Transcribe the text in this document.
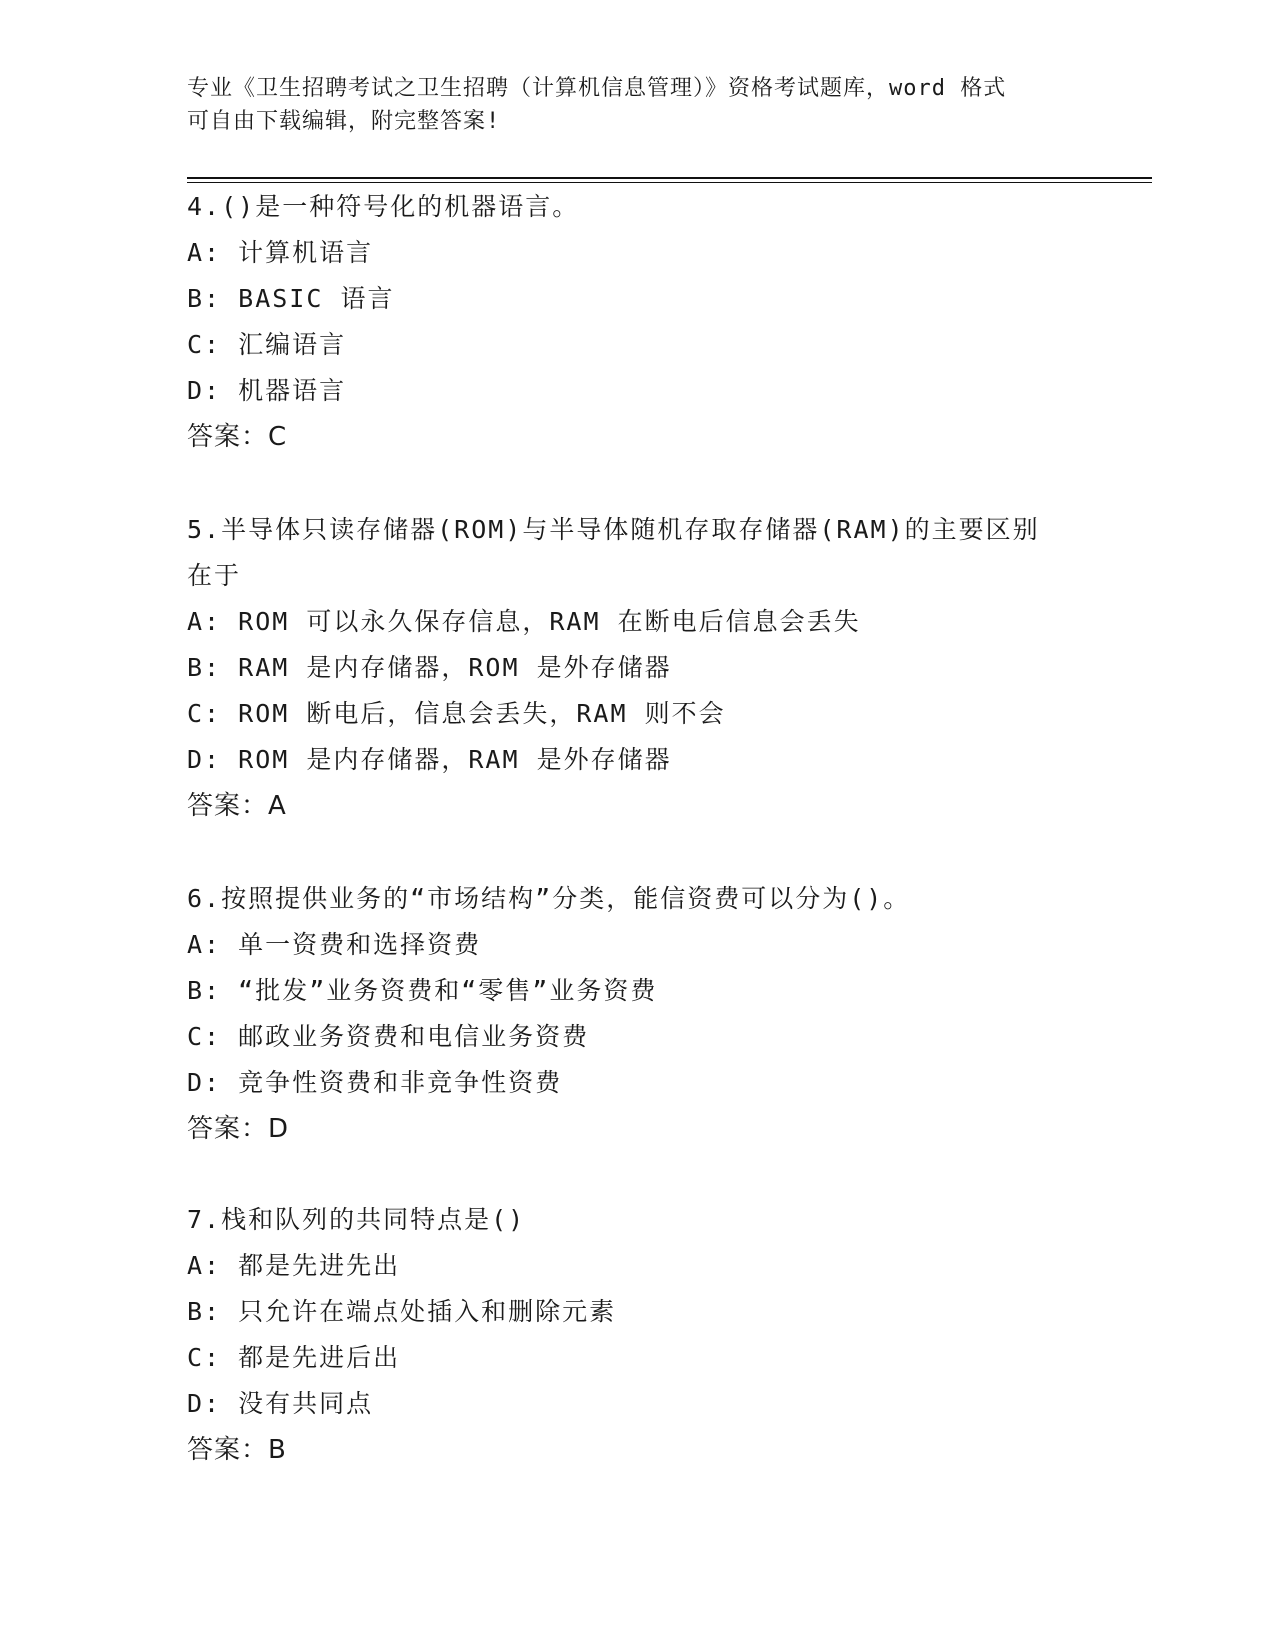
专业《卫生招聘考试之卫生招聘（计算机信息管理）》资格考试题库，word 格式
可自由下载编辑，附完整答案!
4.()是一种符号化的机器语言。
A: 计算机语言
B: BASIC 语言
C: 汇编语言
D: 机器语言
答案：C
5.半导体只读存储器(ROM)与半导体随机存取存储器(RAM)的主要区别在于
A: ROM 可以永久保存信息，RAM 在断电后信息会丢失
B: RAM 是内存储器，ROM 是外存储器
C: ROM 断电后，信息会丢失，RAM 则不会
D: ROM 是内存储器，RAM 是外存储器
答案：A
6.按照提供业务的“市场结构”分类，能信资费可以分为()。
A: 单一资费和选择资费
B: “批发”业务资费和“零售”业务资费
C: 邮政业务资费和电信业务资费
D: 竞争性资费和非竞争性资费
答案：D
7.栈和队列的共同特点是()
A: 都是先进先出
B: 只允许在端点处插入和删除元素
C: 都是先进后出
D: 没有共同点
答案：B
